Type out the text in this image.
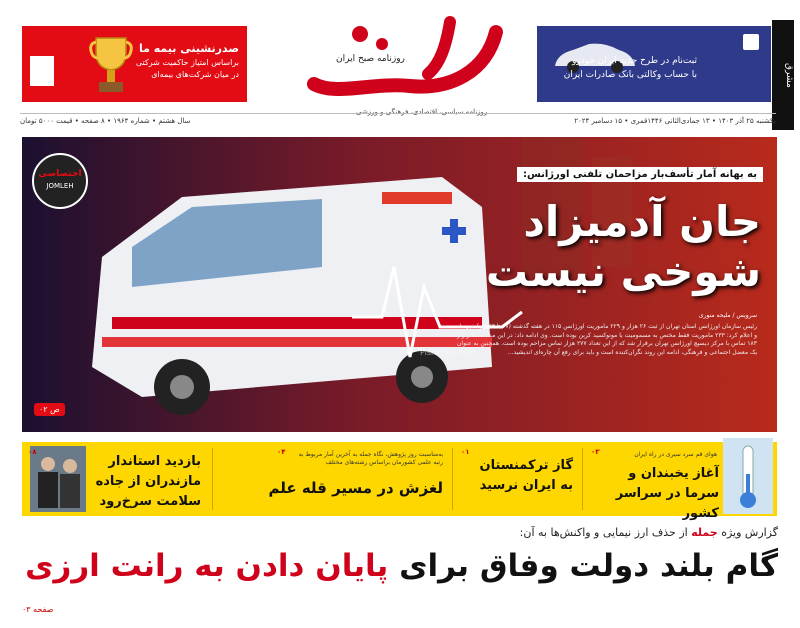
صدرنشینی بیمه ما
براساس امتیاز حاکمیت شرکتی
در میان شرکت‌های بیمه‌ای
روزنامه صبح ایران
روزنامه سیاسی، اقتصادی، فرهنگی و ورزشی
ثبت‌نام در طرح جدید ایران خودرو
با حساب وکالتی بانک صادرات ایران	مشرق
یکشنبه ۲۵ آذر ۱۴۰۳ • ۱۳ جمادی‌الثانی ۱۴۴۶قمری • ۱۵ دسامبر ۲۰۲۴
سال هشتم • شماره ۱۹۶۴ • ۸ صفحه • قیمت ۵۰۰۰ تومان
اختصاصی
JOMLEH
به بهانه آمار تأسف‌بار مزاحمان تلفنی اورژانس:
جان آدمیزاد
شوخی نیست
Pishkhan.com
سرویس / ملیحه منوری
رئیس سازمان اورژانس استان تهران از ثبت ۲۶ هزار و ۲۲۹ ماموریت اورژانس ۱۱۵ در هفته گذشته (۱۷ تا ۲۳ آذر) خبر داد و اعلام کرد: ۲۳۳ ماموریت فقط مختص به مسمومیت با مونوکسید کربن بوده است. وی ادامه داد: در این مدت ۶۰ هزار و ۱۸۳ تماس با مرکز دیسپچ اورژانس تهران برقرار شد که از این تعداد ۲۷۷ هزار تماس مزاحم بوده است. همچنین به عنوان یک معضل اجتماعی و فرهنگی، ادامه این روند نگران‌کننده است و باید برای رفع آن چاره‌ای اندیشید...
ص ۰۲
۰۸
بازدید استاندار مازندران از جاده سلامت سرخ‌رود
۰۴	به‌مناسبت روز پژوهش، نگاه جمله به آخرین آمار مربوط به رتبه علمی کشورمان براساس رشته‌های مختلف
لغزش در مسیر قله علم
۰۱
گاز ترکمنستان به ایران نرسید
۰۳	هوای قم سرد سیری در راه ایران
آغاز یخبندان و سرما در سراسر کشور
گزارش ویژه جمله از حذف ارز نیمایی و واکنش‌ها به آن:
گام بلند دولت وفاق برای پایان دادن به رانت ارزی
صفحه ۰۳
